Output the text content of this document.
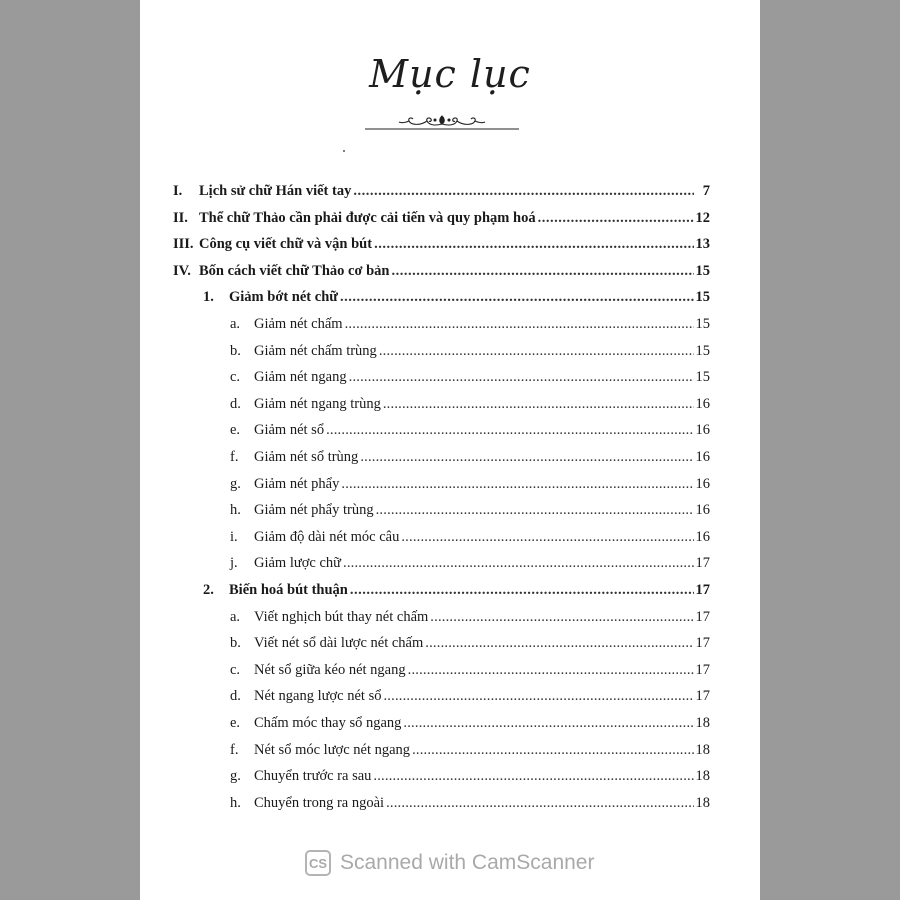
Mục lục
I.	Lịch sử chữ Hán viết tay .....	7
II. Thể chữ Thảo cần phải được cải tiến và quy phạm hoá .....	12
III. Công cụ viết chữ và vận bút .....	13
IV. Bốn cách viết chữ Thảo cơ bản .....	15
1.	Giảm bớt nét chữ .....	15
a. Giảm nét chấm .....	15
b. Giảm nét chấm trùng .....	15
c. Giảm nét ngang .....	15
d. Giảm nét ngang trùng .....	16
e. Giảm nét sổ .....	16
f.	Giảm nét sổ trùng .....	16
g. Giảm nét phẩy .....	16
h. Giảm nét phẩy trùng .....	16
i.	Giảm độ dài nét móc câu .....	16
j.	Giảm lược chữ .....	17
2.	Biến hoá bút thuận .....	17
a. Viết nghịch bút thay nét chấm .....	17
b. Viết nét sổ dài lược nét chấm .....	17
c. Nét sổ giữa kéo nét ngang .....	17
d. Nét ngang lược nét sổ .....	17
e. Chấm móc thay sổ ngang .....	18
f.	Nét sổ móc lược nét ngang .....	18
g. Chuyển trước ra sau .....	18
h. Chuyển trong ra ngoài .....	18
CS Scanned with CamScanner
